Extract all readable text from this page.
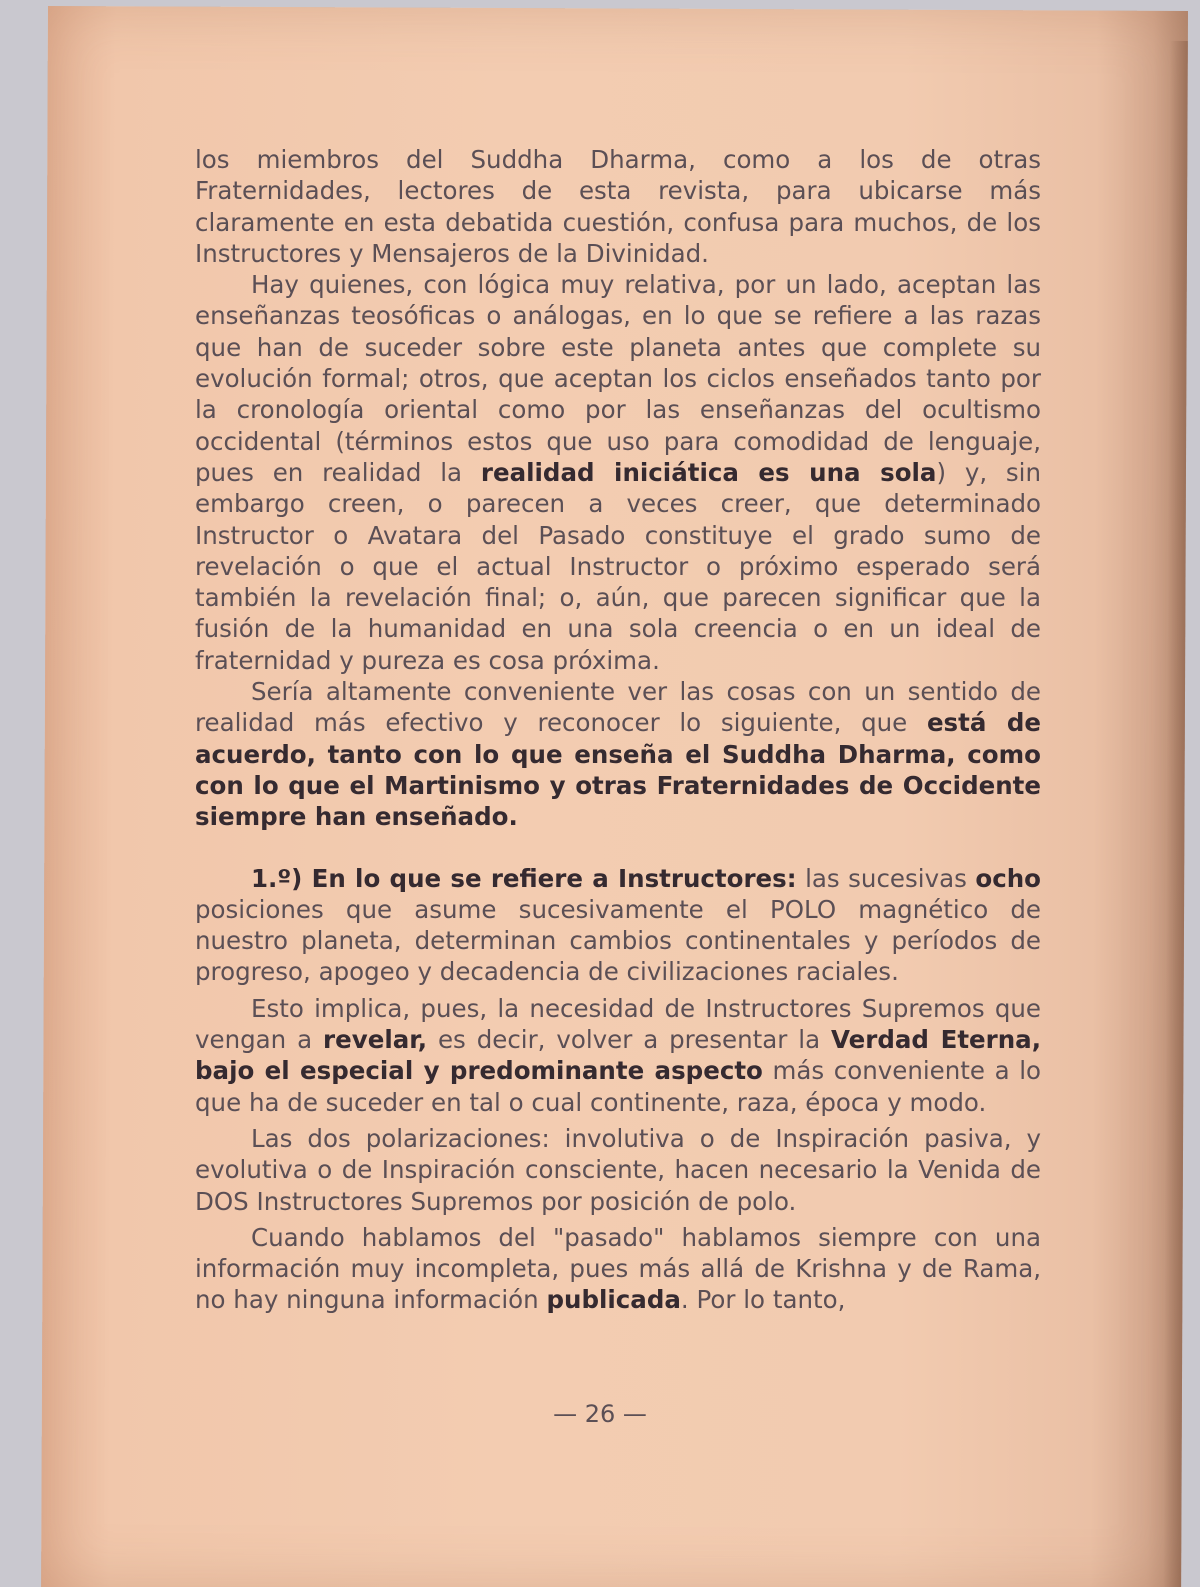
los miembros del Suddha Dharma, como a los de otras Fraternidades, lectores de esta revista, para ubicarse más claramente en esta debatida cuestión, confusa para muchos, de los Instructores y Mensajeros de la Divinidad.

Hay quienes, con lógica muy relativa, por un lado, aceptan las enseñanzas teosóficas o análogas, en lo que se refiere a las razas que han de suceder sobre este planeta antes que complete su evolución formal; otros, que aceptan los ciclos enseñados tanto por la cronología oriental como por las enseñanzas del ocultismo occidental (términos estos que uso para comodidad de lenguaje, pues en realidad la realidad iniciática es una sola) y, sin embargo creen, o parecen a veces creer, que determinado Instructor o Avatara del Pasado constituye el grado sumo de revelación o que el actual Instructor o próximo esperado será también la revelación final; o, aún, que parecen significar que la fusión de la humanidad en una sola creencia o en un ideal de fraternidad y pureza es cosa próxima.

Sería altamente conveniente ver las cosas con un sentido de realidad más efectivo y reconocer lo siguiente, que está de acuerdo, tanto con lo que enseña el Suddha Dharma, como con lo que el Martinismo y otras Fraternidades de Occidente siempre han enseñado.

1.º) En lo que se refiere a Instructores: las sucesivas ocho posiciones que asume sucesivamente el POLO magnético de nuestro planeta, determinan cambios continentales y períodos de progreso, apogeo y decadencia de civilizaciones raciales.

Esto implica, pues, la necesidad de Instructores Supremos que vengan a revelar, es decir, volver a presentar la Verdad Eterna, bajo el especial y predominante aspecto más conveniente a lo que ha de suceder en tal o cual continente, raza, época y modo.

Las dos polarizaciones: involutiva o de Inspiración pasiva, y evolutiva o de Inspiración consciente, hacen necesario la Venida de DOS Instructores Supremos por posición de polo.

Cuando hablamos del "pasado" hablamos siempre con una información muy incompleta, pues más allá de Krishna y de Rama, no hay ninguna información publicada. Por lo tanto,

— 26 —
